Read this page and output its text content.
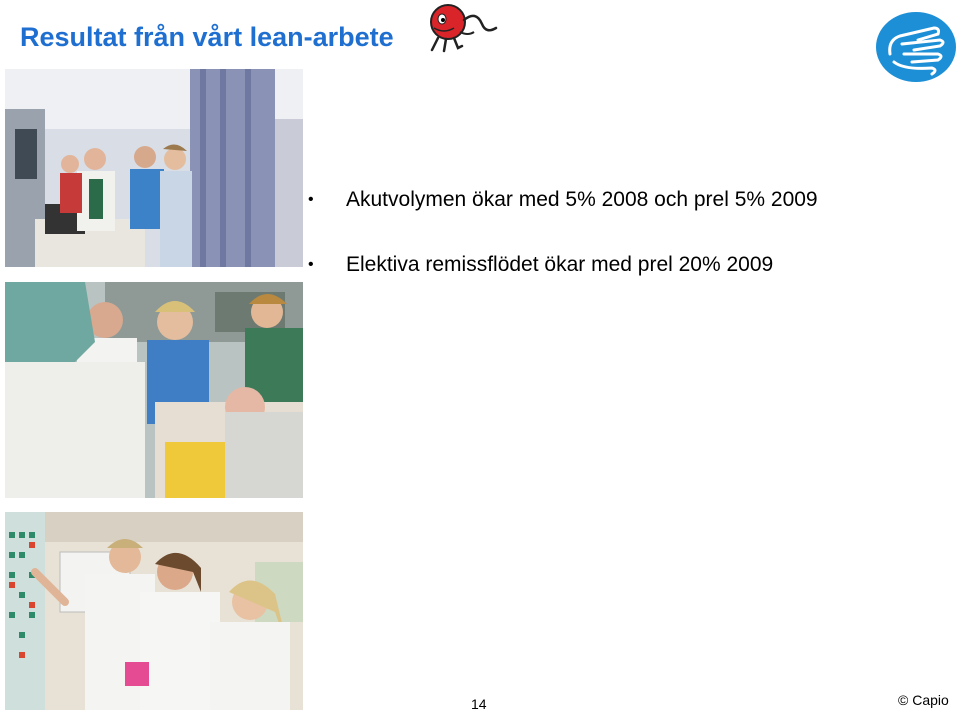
Resultat från vårt lean-arbete
• Akutvolymen ökar med 5% 2008 och prel 5% 2009
• Elektiva remissflödet ökar med prel 20% 2009
14	© Capio
